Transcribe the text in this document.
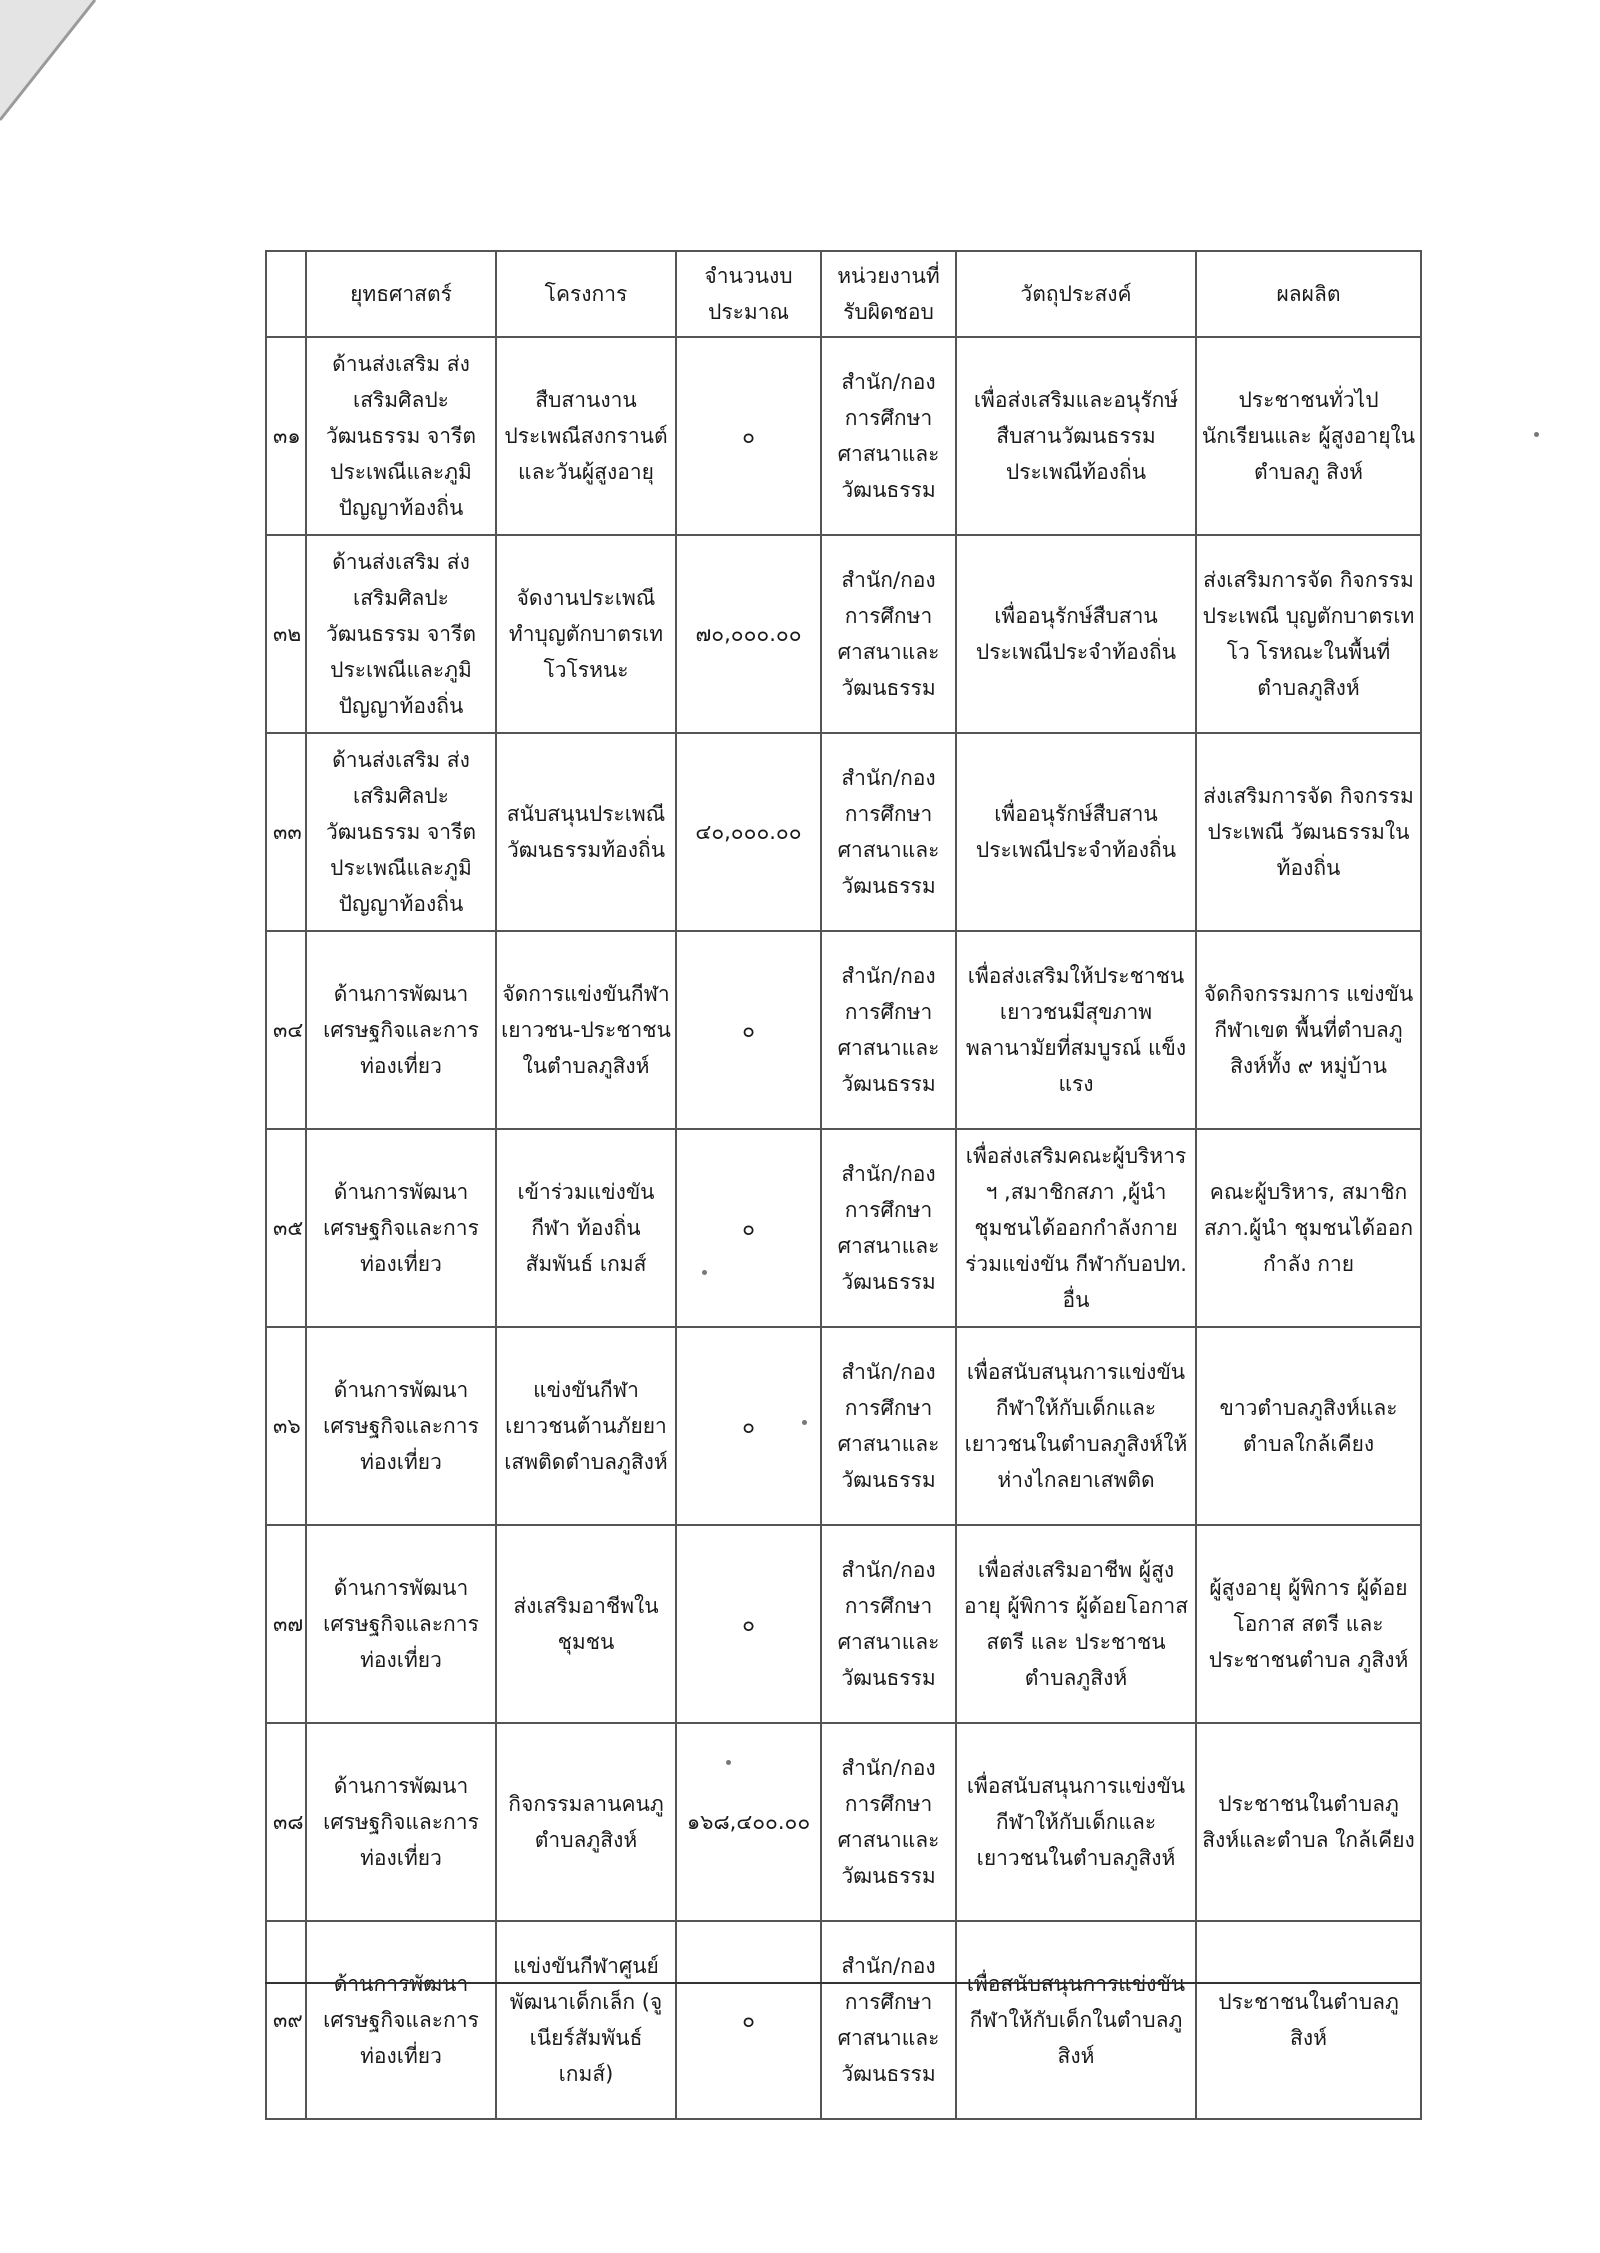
	ยุทธศาสตร์	โครงการ	จำนวนงบประมาณ	หน่วยงานที่รับผิดชอบ	วัตถุประสงค์	ผลผลิต
๓๑	ด้านส่งเสริม ส่งเสริมศิลปะ วัฒนธรรม จารีต ประเพณีและภูมิ ปัญญาท้องถิ่น	สืบสานงาน ประเพณีสงกรานต์ และวันผู้สูงอายุ	๐	สำนัก/กอง การศึกษา ศาสนาและ วัฒนธรรม	เพื่อส่งเสริมและอนุรักษ์ สืบสานวัฒนธรรม ประเพณีท้องถิ่น	ประชาชนทั่วไป นักเรียนและ ผู้สูงอายุในตำบลภู สิงห์
๓๒	ด้านส่งเสริม ส่งเสริมศิลปะ วัฒนธรรม จารีต ประเพณีและภูมิ ปัญญาท้องถิ่น	จัดงานประเพณี ทำบุญตักบาตรเท โวโรหนะ	๗๐,๐๐๐.๐๐	สำนัก/กอง การศึกษา ศาสนาและ วัฒนธรรม	เพื่ออนุรักษ์สืบสาน ประเพณีประจำท้องถิ่น	ส่งเสริมการจัด กิจกรรมประเพณี บุญตักบาตรเทโว โรหณะในพื้นที่ ตำบลภูสิงห์
๓๓	ด้านส่งเสริม ส่งเสริมศิลปะ วัฒนธรรม จารีต ประเพณีและภูมิ ปัญญาท้องถิ่น	สนับสนุนประเพณี วัฒนธรรมท้องถิ่น	๔๐,๐๐๐.๐๐	สำนัก/กอง การศึกษา ศาสนาและ วัฒนธรรม	เพื่ออนุรักษ์สืบสาน ประเพณีประจำท้องถิ่น	ส่งเสริมการจัด กิจกรรมประเพณี วัฒนธรรมใน ท้องถิ่น
๓๔	ด้านการพัฒนา เศรษฐกิจและการ ท่องเที่ยว	จัดการแข่งขันกีฬา เยาวชน-ประชาชน ในตำบลภูสิงห์	๐	สำนัก/กอง การศึกษา ศาสนาและ วัฒนธรรม	เพื่อส่งเสริมให้ประชาชน เยาวชนมีสุขภาพ พลานามัยที่สมบูรณ์ แข็งแรง	จัดกิจกรรมการ แข่งขันกีฬาเขต พื้นที่ตำบลภูสิงห์ทั้ง ๙ หมู่บ้าน
๓๕	ด้านการพัฒนา เศรษฐกิจและการ ท่องเที่ยว	เข้าร่วมแข่งขันกีฬา ท้องถิ่นสัมพันธ์ เกมส์	๐	สำนัก/กอง การศึกษา ศาสนาและ วัฒนธรรม	เพื่อส่งเสริมคณะผู้บริหาร ฯ ,สมาชิกสภา ,ผู้นำ ชุมชนได้ออกกำลังกาย ร่วมแข่งขัน กีฬากับอปท. อื่น	คณะผู้บริหาร, สมาชิกสภา.ผู้นำ ชุมชนได้ออกกำลัง กาย
๓๖	ด้านการพัฒนา เศรษฐกิจและการ ท่องเที่ยว	แข่งขันกีฬา เยาวชนต้านภัยยา เสพติดตำบลภูสิงห์	๐	สำนัก/กอง การศึกษา ศาสนาและ วัฒนธรรม	เพื่อสนับสนุนการแข่งขัน กีฬาให้กับเด็กและ เยาวชนในตำบลภูสิงห์ให้ ห่างไกลยาเสพติด	ขาวตำบลภูสิงห์และ ตำบลใกล้เคียง
๓๗	ด้านการพัฒนา เศรษฐกิจและการ ท่องเที่ยว	ส่งเสริมอาชีพใน ชุมชน	๐	สำนัก/กอง การศึกษา ศาสนาและ วัฒนธรรม	เพื่อส่งเสริมอาชีพ ผู้สูงอายุ ผู้พิการ ผู้ด้อยโอกาส สตรี และ ประชาชนตำบลภูสิงห์	ผู้สูงอายุ ผู้พิการ ผู้ด้อยโอกาส สตรี และประชาชนตำบล ภูสิงห์
๓๘	ด้านการพัฒนา เศรษฐกิจและการ ท่องเที่ยว	กิจกรรมลานคนภู ตำบลภูสิงห์	๑๖๘,๔๐๐.๐๐	สำนัก/กอง การศึกษา ศาสนาและ วัฒนธรรม	เพื่อสนับสนุนการแข่งขัน กีฬาให้กับเด็กและ เยาวชนในตำบลภูสิงห์	ประชาชนในตำบลภู สิงห์และตำบล ใกล้เคียง
๓๙	ด้านการพัฒนา เศรษฐกิจและการ ท่องเที่ยว	แข่งขันกีฬาศูนย์ พัฒนาเด็กเล็ก (จูเนียร์สัมพันธ์ เกมส์)	๐	สำนัก/กอง การศึกษา ศาสนาและ วัฒนธรรม	เพื่อสนับสนุนการแข่งขัน กีฬาให้กับเด็กในตำบลภู สิงห์	ประชาชนในตำบลภู สิงห์
